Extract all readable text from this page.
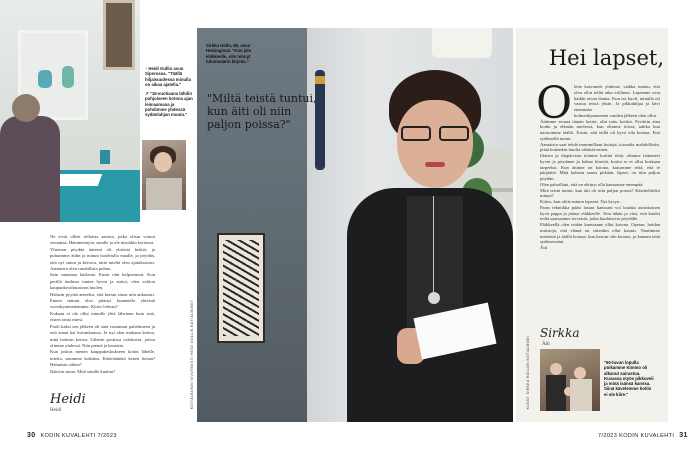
↑ Heidi Gullin asuu Siperossa. "Täällä hiljaisuudessa minulla on aikaa ajatella."

↗ "16-vuotiaana lähdin pohjoiseen kotona ajan leimaamana ja pohdimme yhdessä sydänlahjan muuta."

Ne eivät olleet sellaisia aatoita, jotka olisin voinut sivuuttaa. Hämmennyin, sinulle ja ole niistäkin kertonut.

Yhteisen pöydän ääressä oli yhteisiä hetkiä, ja puhuimme äidin ja minun hoidetulla maalle, ja pöydän, että nyt sinun ja kerroin, mitä mieltä olen ajatuksistasi. Aamuisin olen ruudullista puhua.

Sain sanomaa kaikesta. Ensin olin helpottunut. Kun perillä tuuheaa tuntea hyvin ja auttoi, olen valtion kaupunkivaltuustoon huolen.

Halusin pyytää anteeksi, että kerran sinua niin ankarasti. Ennen minun olisi pitänyt kuunnella yhteisiä vuosikymmeniämme. Kiitos lohtusi?

Kukaan ei ole ollut minulle yhtä läheinen kuin sinä, etsien omia miesi.

Puoli kaksi sen jälkeen oli sinä vastannut puhelimeen ja että annat kai kuvankanssa. Ja nyt olen mukana kertoa, mitä halusin kertoa. Lähetin postissa valokuvia, joissa olimme yhdessä. Niin pieniä ja hauraita.

Kun joskus menen kauppakeskukseen kotini lähelle, mietin, satumme kohdata. Käärötäänkö kenen hoitaa? Haluaisin siihen?

Ikävöin sinua. Mitä sinulle kuuluu?

Heidi
Heidi
30 KODIN KUVALEHTI 7/2023
Sirkka Hollo, 85, asuu Helsingissä. "Kun jäin eläkkeelle, olin tehnyt tuhatmäärin kirjeita."
"Miltä teistä tuntui, kun äiti oli niin paljon poissa?"
KOTIALBUMIN SIVUTEKSTI HEIDI GULLIN KOTIALBUMIT
Hei lapset,
O lette kasvaneet yhdessä, vaikka tuntuu, että olen ollut teiltä aika erillinen. Lapsenne ovat kaikki aivan ihania. Kun isä kuoli, minulla oli vastuu teistä yksin. Ja pikkuhiljaa ja kävi enemmän

kolmenkymmenen vuoden jälkeen olen ollut.

Äitimme seuraa tämän kotini, olin tuttu kotiini. Pyrittiin aina kodin ja elämän mielessä, kun olimme töissä, taikka kun nauroimme täällä. Toisin, että teillä oli hyvä olla kotona. Että sydämellä tuntui.

Aamuisin saat tehdä mummillaan hoitoja, toisaalta mahdollistin, pitää kuitenkin huolia vähästä ennen.

Iltaisin ja iltapäivisin teimme kotiini töitä, olimme laittaneet hyvin ja pöytänne ja kolme kiirettä, koska se ei ollut koskaan tarpeeksi. Kun äitinne on kotona, katsomme teitä, että te pärjäätte. Mitä halusin sanoa pitkään, lapset, on niin paljon pöydän.

Olen pahoillani, että en ehtinyt olla kanssanne enempää.

Mitä teistä tuntui, kun äiti oli niin paljon poissa? Käsittelittekö minua?

Kiitos, kun olitte minun lapseni. Nyt kysyn.

Paras tekniikka pääsi lastun kanssani voi kuinka aurinkoinen hyvä pappa ja jäänyt eläkkeelle. Tein tähän ja viisi, että kuulet teiltä saamaanne terveisiä, jotka kuuluisivat pöydälle.

Eläkkeellä olen teidän kanssanne ollut kotona. Opetan, hoidan muistoja, että elämä on sittenkin ollut kaunis. Nautimme metsästä ja täällä kotona, kun kerran olin kotona, ja kannan teitä sydämessäni.

Äiti

Sirkka
Äiti
"60-luvun lopulla poikamme Kimmo oli alkanut sairastua. Kuvassa myös pikkuveli ja minä isänsä kanssa. Siinä kävelemme kotiin ei ole kiire."
KUVAT: SIRKKA HOLLON KOTIALBUMI
7/2023 KODIN KUVALEHTI 31
